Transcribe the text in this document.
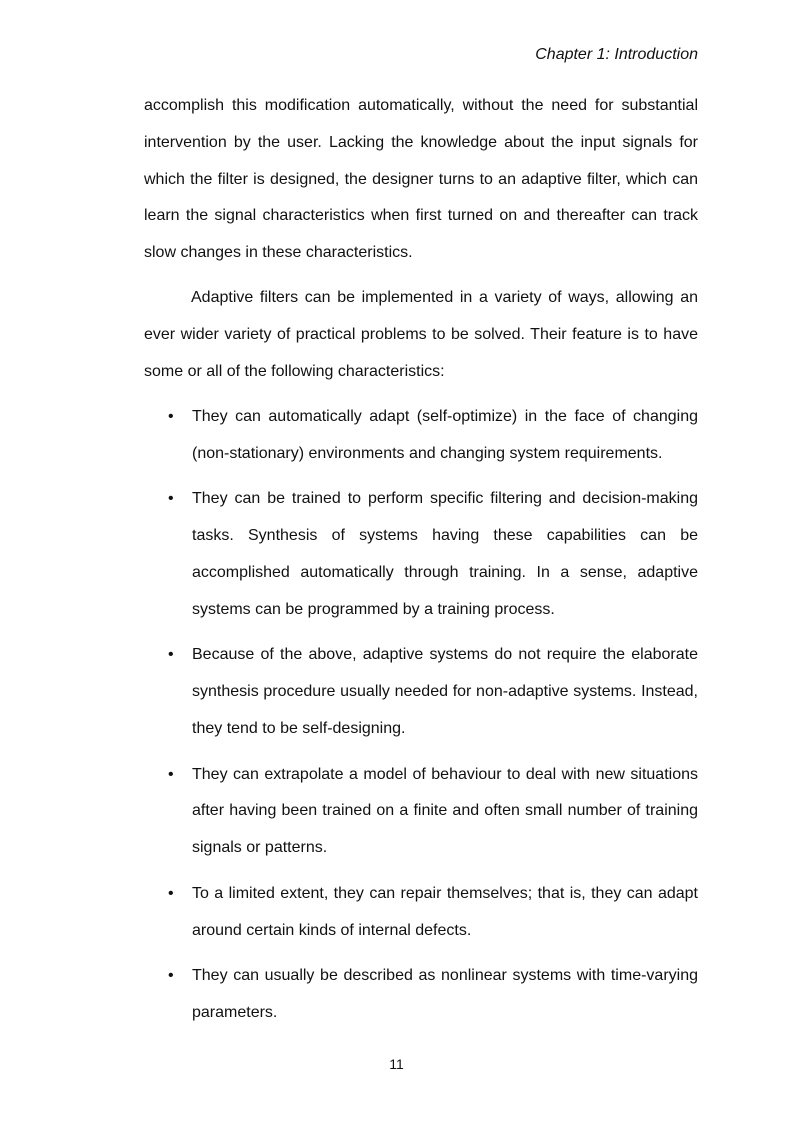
Chapter 1: Introduction

accomplish this modification automatically, without the need for substantial intervention by the user. Lacking the knowledge about the input signals for which the filter is designed, the designer turns to an adaptive filter, which can learn the signal characteristics when first turned on and thereafter can track slow changes in these characteristics.

Adaptive filters can be implemented in a variety of ways, allowing an ever wider variety of practical problems to be solved. Their feature is to have some or all of the following characteristics:

• They can automatically adapt (self-optimize) in the face of changing (non-stationary) environments and changing system requirements.
• They can be trained to perform specific filtering and decision-making tasks. Synthesis of systems having these capabilities can be accomplished automatically through training. In a sense, adaptive systems can be programmed by a training process.
• Because of the above, adaptive systems do not require the elaborate synthesis procedure usually needed for non-adaptive systems. Instead, they tend to be self-designing.
• They can extrapolate a model of behaviour to deal with new situations after having been trained on a finite and often small number of training signals or patterns.
• To a limited extent, they can repair themselves; that is, they can adapt around certain kinds of internal defects.
• They can usually be described as nonlinear systems with time-varying parameters.
11
